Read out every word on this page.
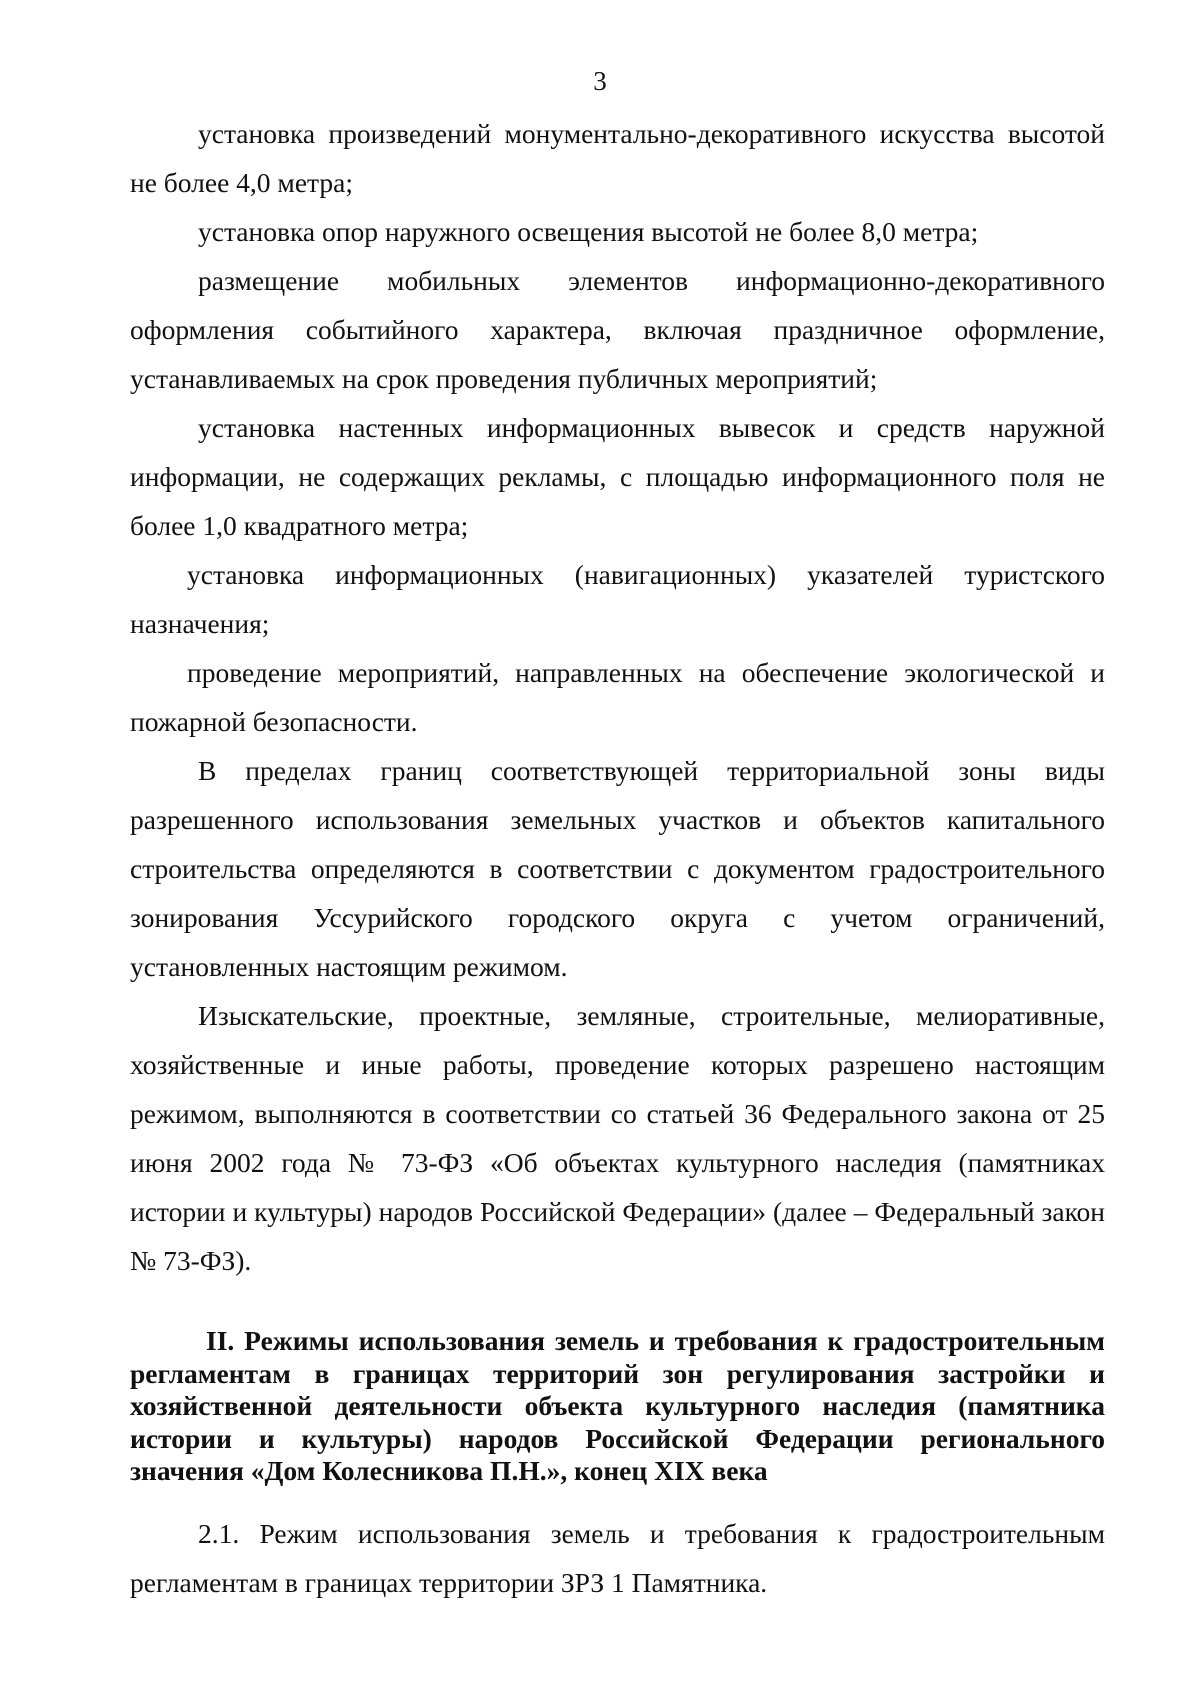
3

установка произведений монументально-декоративного искусства высотой не более 4,0 метра;

установка опор наружного освещения высотой не более 8,0 метра;

размещение мобильных элементов информационно-декоративного оформления событийного характера, включая праздничное оформление, устанавливаемых на срок проведения публичных мероприятий;

установка настенных информационных вывесок и средств наружной информации, не содержащих рекламы, с площадью информационного поля не более 1,0 квадратного метра;

установка информационных (навигационных) указателей туристского назначения;

проведение мероприятий, направленных на обеспечение экологической и пожарной безопасности.

В пределах границ соответствующей территориальной зоны виды разрешенного использования земельных участков и объектов капитального строительства определяются в соответствии с документом градостроительного зонирования Уссурийского городского округа с учетом ограничений, установленных настоящим режимом.

Изыскательские, проектные, земляные, строительные, мелиоративные, хозяйственные и иные работы, проведение которых разрешено настоящим режимом, выполняются в соответствии со статьей 36 Федерального закона от 25 июня 2002 года № 73-ФЗ «Об объектах культурного наследия (памятниках истории и культуры) народов Российской Федерации» (далее – Федеральный закон № 73-ФЗ).

II. Режимы использования земель и требования к градостроительным регламентам в границах территорий зон регулирования застройки и хозяйственной деятельности объекта культурного наследия (памятника истории и культуры) народов Российской Федерации регионального значения «Дом Колесникова П.Н.», конец XIX века

2.1. Режим использования земель и требования к градостроительным регламентам в границах территории ЗРЗ 1 Памятника.
